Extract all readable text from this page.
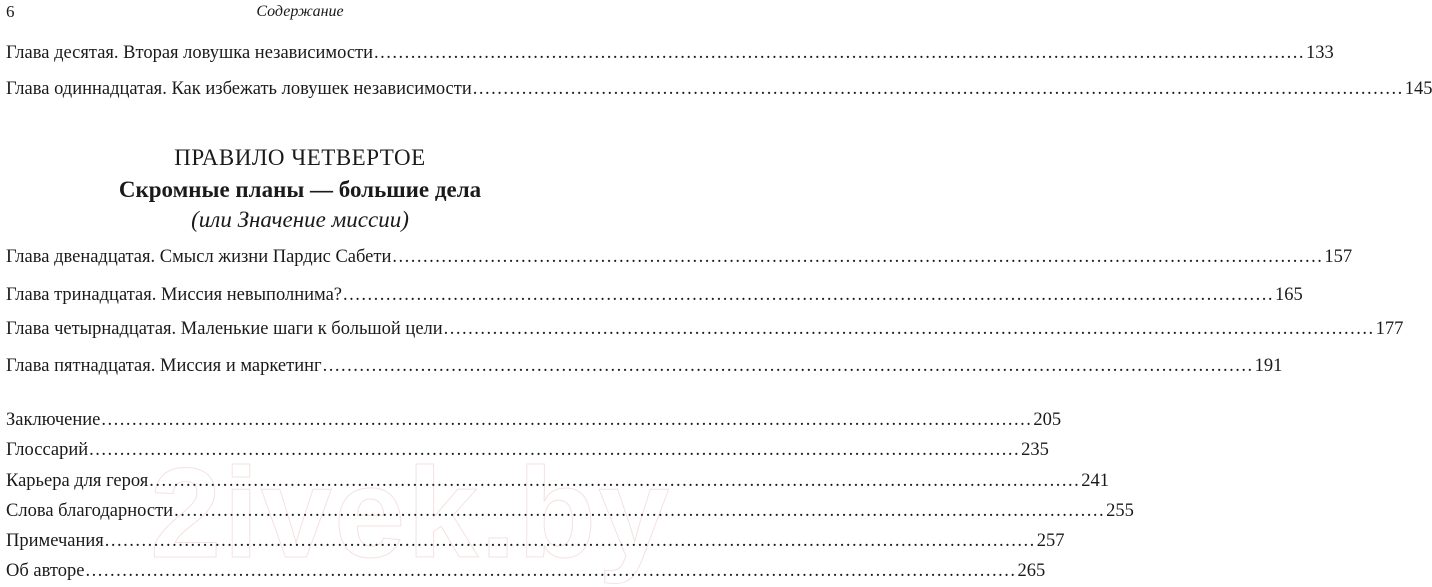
6	Содержание
Глава десятая. Вторая ловушка независимости .....	133
Глава одиннадцатая. Как избежать ловушек независимости .....	145
ПРАВИЛО ЧЕТВЕРТОЕ
Скромные планы — большие дела
(или Значение миссии)
Глава двенадцатая. Смысл жизни Пардис Сабети .....	157
Глава тринадцатая. Миссия невыполнима? .....	165
Глава четырнадцатая. Маленькие шаги к большой цели .....	177
Глава пятнадцатая. Миссия и маркетинг .....	191
Заключение .....	205
Глоссарий .....	235
Карьера для героя .....	241
Слова благодарности .....	255
Примечания .....	257
Об авторе .....	265
2ivek.by
